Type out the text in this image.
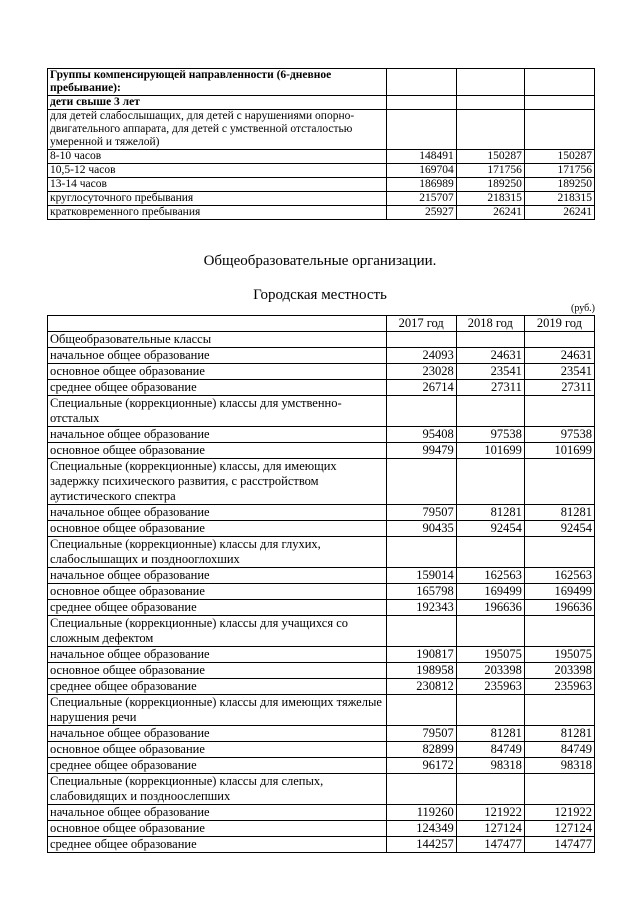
Группы компенсирующей направленности (6-дневное пребывание):			
дети свыше 3 лет			
для детей слабослышащих, для детей с нарушениями опорно-двигательного аппарата, для детей с умственной отсталостью умеренной и тяжелой)			
8-10 часов	148491	150287	150287
10,5-12 часов	169704	171756	171756
13-14 часов	186989	189250	189250
круглосуточного пребывания	215707	218315	218315
кратковременного пребывания	25927	26241	26241
Общеобразовательные организации.
Городская местность
(руб.)
	2017 год	2018 год	2019 год
Общеобразовательные классы			
начальное общее образование	24093	24631	24631
основное общее образование	23028	23541	23541
среднее общее образование	26714	27311	27311
Специальные (коррекционные) классы для умственно-отсталых			
начальное общее образование	95408	97538	97538
основное общее образование	99479	101699	101699
Специальные (коррекционные) классы, для имеющих задержку психического развития, с расстройством аутистического спектра			
начальное общее образование	79507	81281	81281
основное общее образование	90435	92454	92454
Специальные (коррекционные) классы для глухих, слабослышащих и позднооглохших			
начальное общее образование	159014	162563	162563
основное общее образование	165798	169499	169499
среднее общее образование	192343	196636	196636
Специальные (коррекционные) классы для учащихся со сложным дефектом			
начальное общее образование	190817	195075	195075
основное общее образование	198958	203398	203398
среднее общее образование	230812	235963	235963
Специальные (коррекционные) классы для имеющих тяжелые нарушения речи			
начальное общее образование	79507	81281	81281
основное общее образование	82899	84749	84749
среднее общее образование	96172	98318	98318
Специальные (коррекционные) классы для слепых, слабовидящих и поздноослепших			
начальное общее образование	119260	121922	121922
основное общее образование	124349	127124	127124
среднее общее образование	144257	147477	147477
